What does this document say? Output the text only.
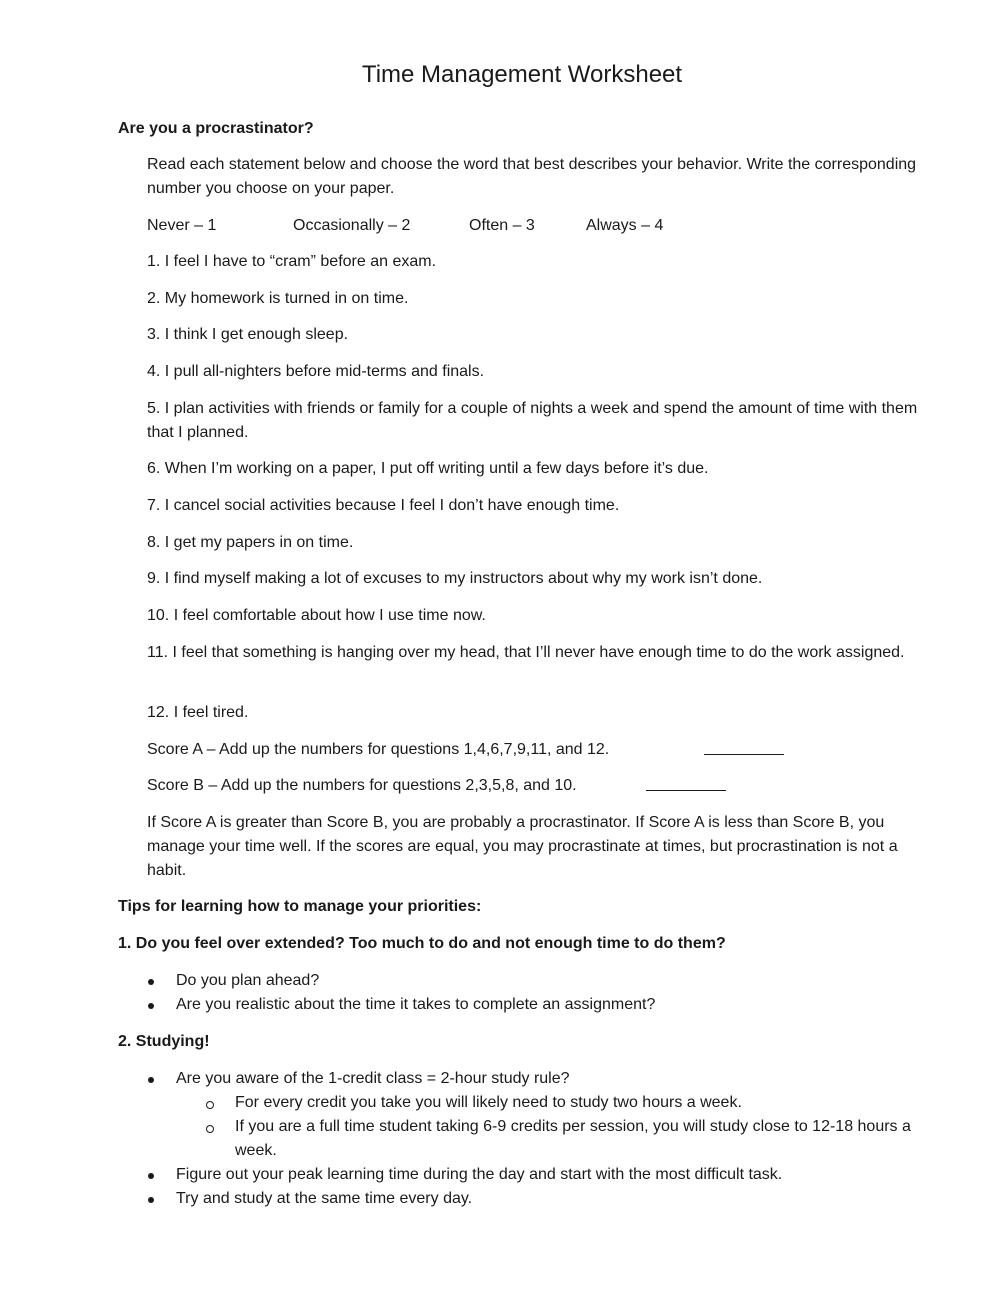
Time Management Worksheet
Are you a procrastinator?
Read each statement below and choose the word that best describes your behavior. Write the corresponding number you choose on your paper.
Never – 1	Occasionally – 2	Often – 3	Always – 4
1. I feel I have to “cram” before an exam.
2. My homework is turned in on time.
3. I think I get enough sleep.
4. I pull all-nighters before mid-terms and finals.
5. I plan activities with friends or family for a couple of nights a week and spend the amount of time with them that I planned.
6. When I’m working on a paper, I put off writing until a few days before it’s due.
7. I cancel social activities because I feel I don’t have enough time.
8. I get my papers in on time.
9. I find myself making a lot of excuses to my instructors about why my work isn’t done.
10. I feel comfortable about how I use time now.
11. I feel that something is hanging over my head, that I’ll never have enough time to do the work assigned.
12. I feel tired.
Score A – Add up the numbers for questions 1,4,6,7,9,11, and 12.
Score B – Add up the numbers for questions 2,3,5,8, and 10.
If Score A is greater than Score B, you are probably a procrastinator. If Score A is less than Score B, you manage your time well. If the scores are equal, you may procrastinate at times, but procrastination is not a habit.
Tips for learning how to manage your priorities:
1. Do you feel over extended? Too much to do and not enough time to do them?
Do you plan ahead?
Are you realistic about the time it takes to complete an assignment?
2. Studying!
Are you aware of the 1-credit class = 2-hour study rule?
For every credit you take you will likely need to study two hours a week.
If you are a full time student taking 6-9 credits per session, you will study close to 12-18 hours a week.
Figure out your peak learning time during the day and start with the most difficult task.
Try and study at the same time every day.
